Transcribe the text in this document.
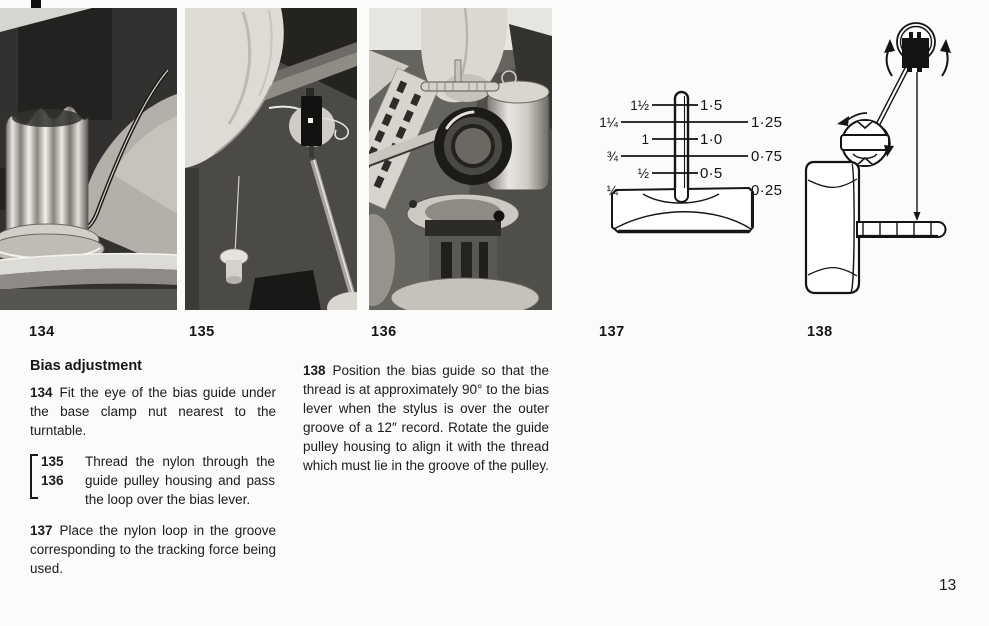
1½
1¼
1
¾
½
¼
1·5
1·25
1·0
0·75
0·5
0·25
134	135	136	137	138
Bias adjustment

134 Fit the eye of the bias guide under the base clamp nut nearest to the turntable.

135
136
Thread the nylon through the guide pulley housing and pass the loop over the bias lever.

137 Place the nylon loop in the groove corresponding to the tracking force being used.

138 Position the bias guide so that the thread is at approximately 90° to the bias lever when the stylus is over the outer groove of a 12″ record. Rotate the guide pulley housing to align it with the thread which must lie in the groove of the pulley.

13
